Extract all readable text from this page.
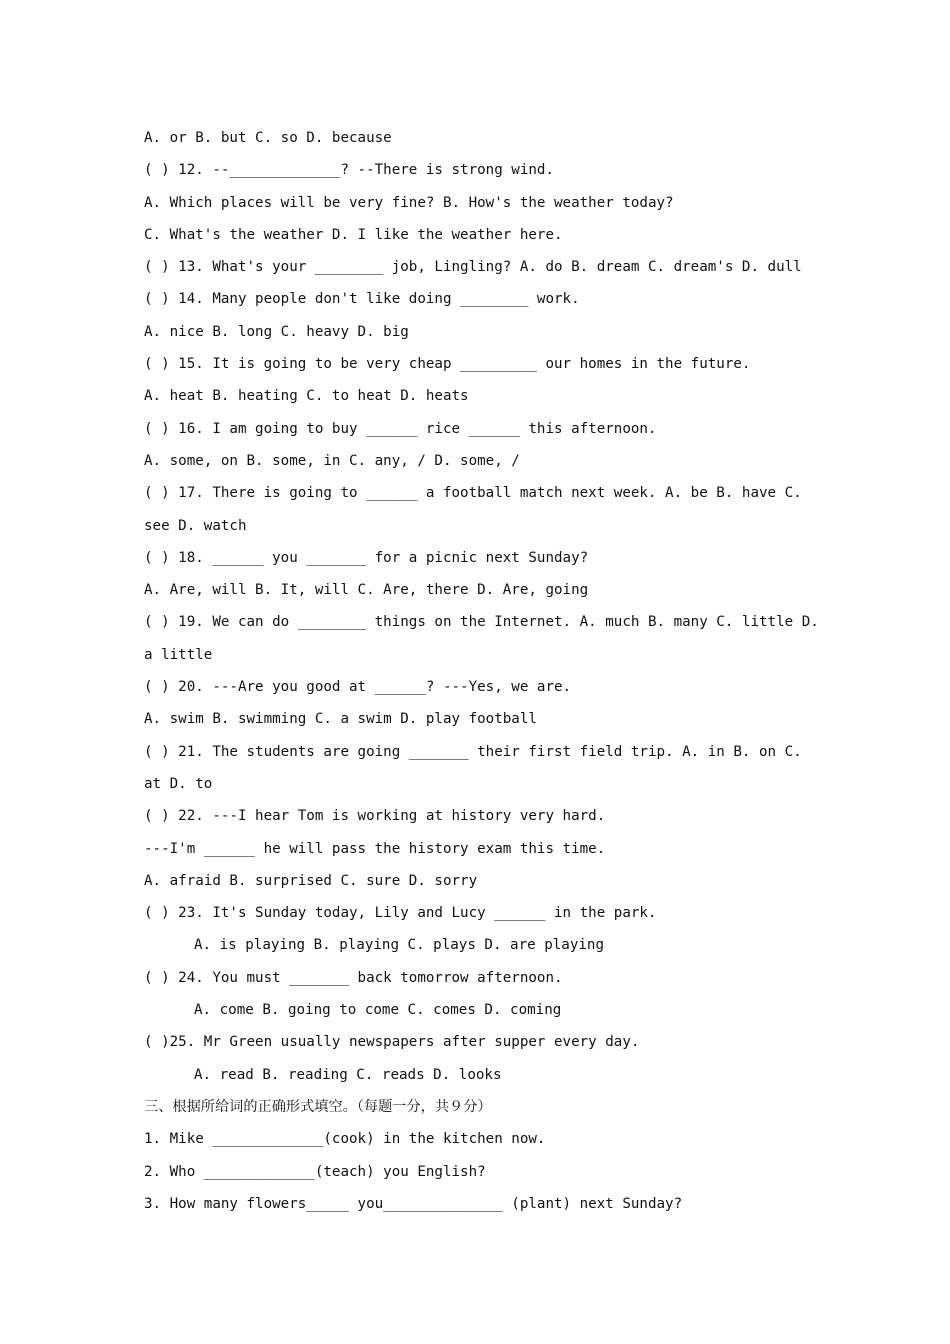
A. or B. but C. so D. because
( ) 12. --_____________? --There is strong wind.
A. Which places will be very fine? B. How's the weather today?
C. What's the weather D. I like the weather here.
( ) 13. What's your ________ job, Lingling? A. do B. dream C. dream's D. dull
( ) 14. Many people don't like doing ________ work.
A. nice B. long C. heavy D. big
( ) 15. It is going to be very cheap _________ our homes in the future.
A. heat B. heating C. to heat D. heats
( ) 16. I am going to buy ______ rice ______ this afternoon.
A. some, on B. some, in C. any, / D. some, /
( ) 17. There is going to ______ a football match next week. A. be B. have C.
see D. watch
( ) 18. ______ you _______ for a picnic next Sunday?
A. Are, will B. It, will C. Are, there D. Are, going
( ) 19. We can do ________ things on the Internet. A. much B. many C. little D.
a little
( ) 20. ---Are you good at ______? ---Yes, we are.
A. swim B. swimming C. a swim D. play football
( ) 21. The students are going _______ their first field trip. A. in B. on C.
at D. to
( ) 22. ---I hear Tom is working at history very hard.
---I'm ______ he will pass the history exam this time.
A. afraid B. surprised C. sure D. sorry
( ) 23. It's Sunday today, Lily and Lucy ______ in the park.
A. is playing B. playing C. plays D. are playing
( ) 24. You must _______ back tomorrow afternoon.
A. come B. going to come C. comes D. coming
( )25. Mr Green usually newspapers after supper every day.
A. read B. reading C. reads D. looks
三、根据所给词的正确形式填空。（每题一分，共９分）
1. Mike _____________(cook) in the kitchen now.
2. Who _____________(teach) you English?
3. How many flowers_____ you______________ (plant) next Sunday?
